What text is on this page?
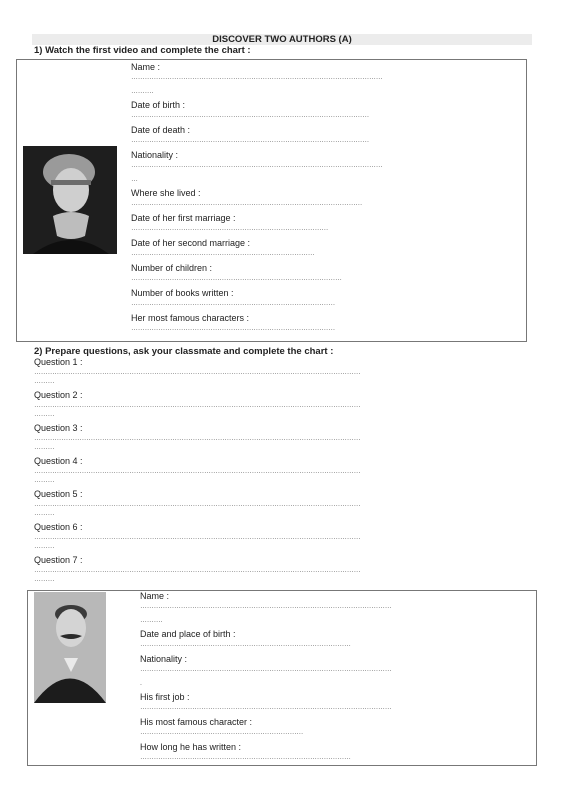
DISCOVER TWO AUTHORS (A)
1) Watch the first video and complete the chart :
Name :
…………………………………………………………………………………………………
……….
Date of birth :
……………………………………………………………………………………………
Date of death :
……………………………………………………………………………………………
Nationality :
…………………………………………………………………………………………………
…
Where she lived :
…………………………………………………………………………………………
Date of her first marriage :
……………………………………………………………………………
Date of her second marriage :
………………………………………………………………………
Number of children :
…………………………………………………………………………………
Number of books written :
………………………………………………………………………………
Her most famous characters :
………………………………………………………………………………
2) Prepare questions, ask your classmate and complete the chart :
Question 1 :
………………………………………………………………………………………………………………………………
………
Question 2 :
………………………………………………………………………………………………………………………………
………
Question 3 :
………………………………………………………………………………………………………………………………
………
Question 4 :
………………………………………………………………………………………………………………………………
………
Question 5 :
………………………………………………………………………………………………………………………………
………
Question 6 :
………………………………………………………………………………………………………………………………
………
Question 7 :
………………………………………………………………………………………………………………………………
………
Name :
…………………………………………………………………………………………………
……….
Date and place of birth :
…………………………………………………………………………………
Nationality :
…………………………………………………………………………………………………
.
His first job :
…………………………………………………………………………………………………
His most famous character :
………………………………………………………………
How long he has written :
…………………………………………………………………………………
